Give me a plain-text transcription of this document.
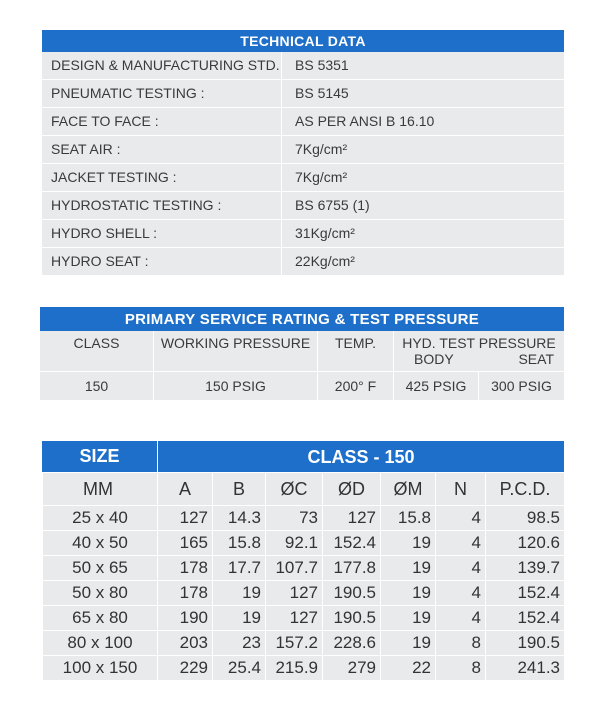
TECHNICAL DATA
DESIGN & MANUFACTURING STD.	BS 5351
PNEUMATIC TESTING :	BS 5145
FACE TO FACE :	AS PER ANSI B 16.10
SEAT AIR :	7Kg/cm²
JACKET TESTING :	7Kg/cm²
HYDROSTATIC TESTING :	BS 6755 (1)
HYDRO SHELL :	31Kg/cm²
HYDRO SEAT :	22Kg/cm²
PRIMARY SERVICE RATING & TEST PRESSURE
CLASS	WORKING PRESSURE	TEMP.	HYD. TEST PRESSURE
BODY	SEAT
150	150 PSIG	200° F	425 PSIG	300 PSIG
SIZE	CLASS - 150
MM	A	B	ØC	ØD	ØM	N	P.C.D.
25 x 40	127	14.3	73	127	15.8	4	98.5
40 x 50	165	15.8	92.1	152.4	19	4	120.6
50 x 65	178	17.7	107.7	177.8	19	4	139.7
50 x 80	178	19	127	190.5	19	4	152.4
65 x 80	190	19	127	190.5	19	4	152.4
80 x 100	203	23	157.2	228.6	19	8	190.5
100 x 150	229	25.4	215.9	279	22	8	241.3
